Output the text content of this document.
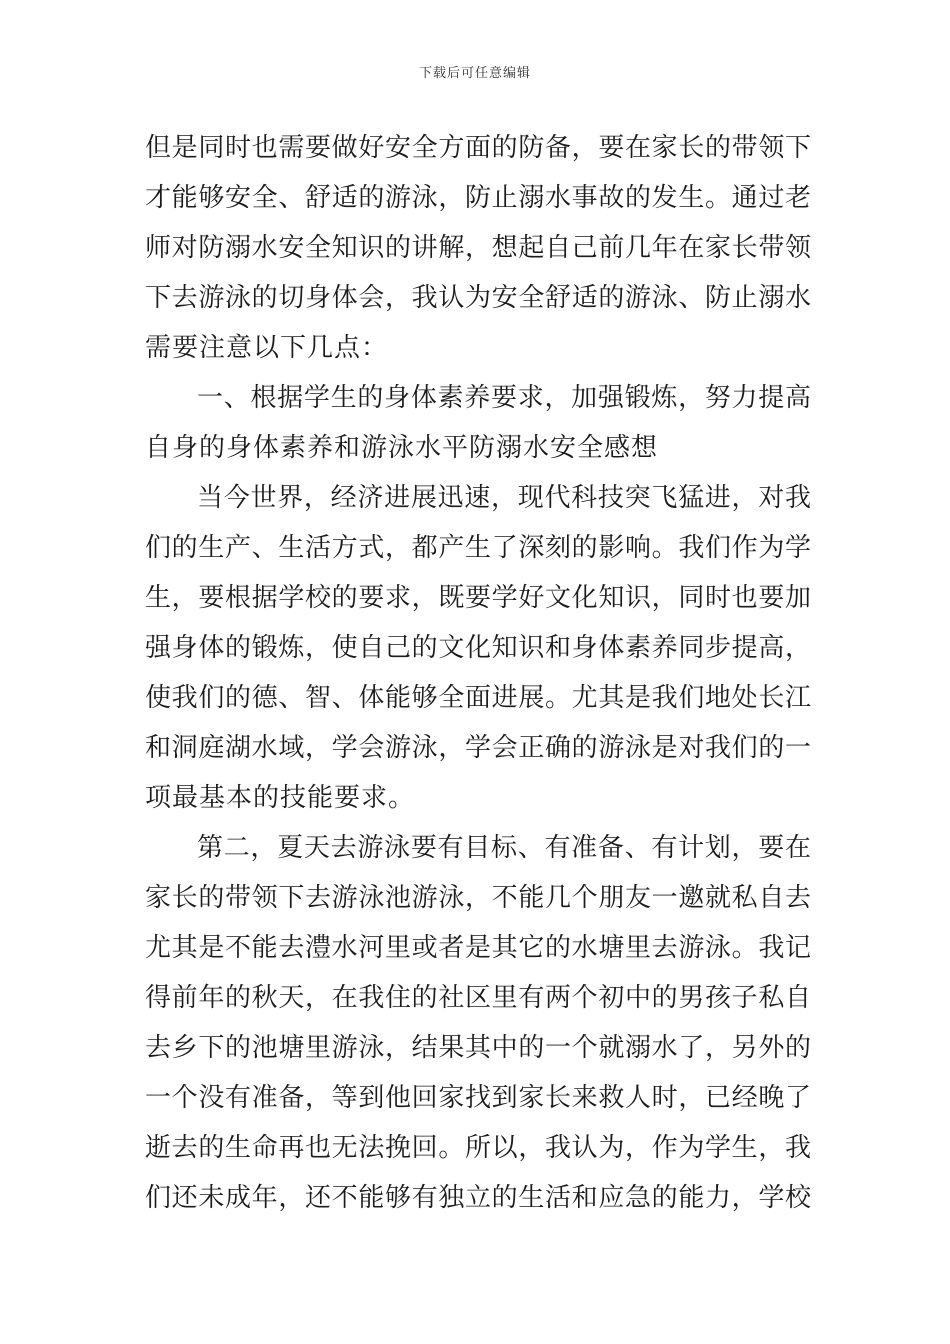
下载后可任意编辑
但是同时也需要做好安全方面的防备，要在家长的带领下
才能够安全、舒适的游泳，防止溺水事故的发生。通过老
师对防溺水安全知识的讲解，想起自己前几年在家长带领
下去游泳的切身体会，我认为安全舒适的游泳、防止溺水
需要注意以下几点：
一、根据学生的身体素养要求，加强锻炼，努力提高
自身的身体素养和游泳水平防溺水安全感想
当今世界，经济进展迅速，现代科技突飞猛进，对我
们的生产、生活方式，都产生了深刻的影响。我们作为学
生，要根据学校的要求，既要学好文化知识，同时也要加
强身体的锻炼，使自己的文化知识和身体素养同步提高，
使我们的德、智、体能够全面进展。尤其是我们地处长江
和洞庭湖水域，学会游泳，学会正确的游泳是对我们的一
项最基本的技能要求。
第二，夏天去游泳要有目标、有准备、有计划，要在
家长的带领下去游泳池游泳，不能几个朋友一邀就私自去
尤其是不能去澧水河里或者是其它的水塘里去游泳。我记
得前年的秋天，在我住的社区里有两个初中的男孩子私自
去乡下的池塘里游泳，结果其中的一个就溺水了，另外的
一个没有准备，等到他回家找到家长来救人时，已经晚了
逝去的生命再也无法挽回。所以，我认为，作为学生，我
们还未成年，还不能够有独立的生活和应急的能力，学校
